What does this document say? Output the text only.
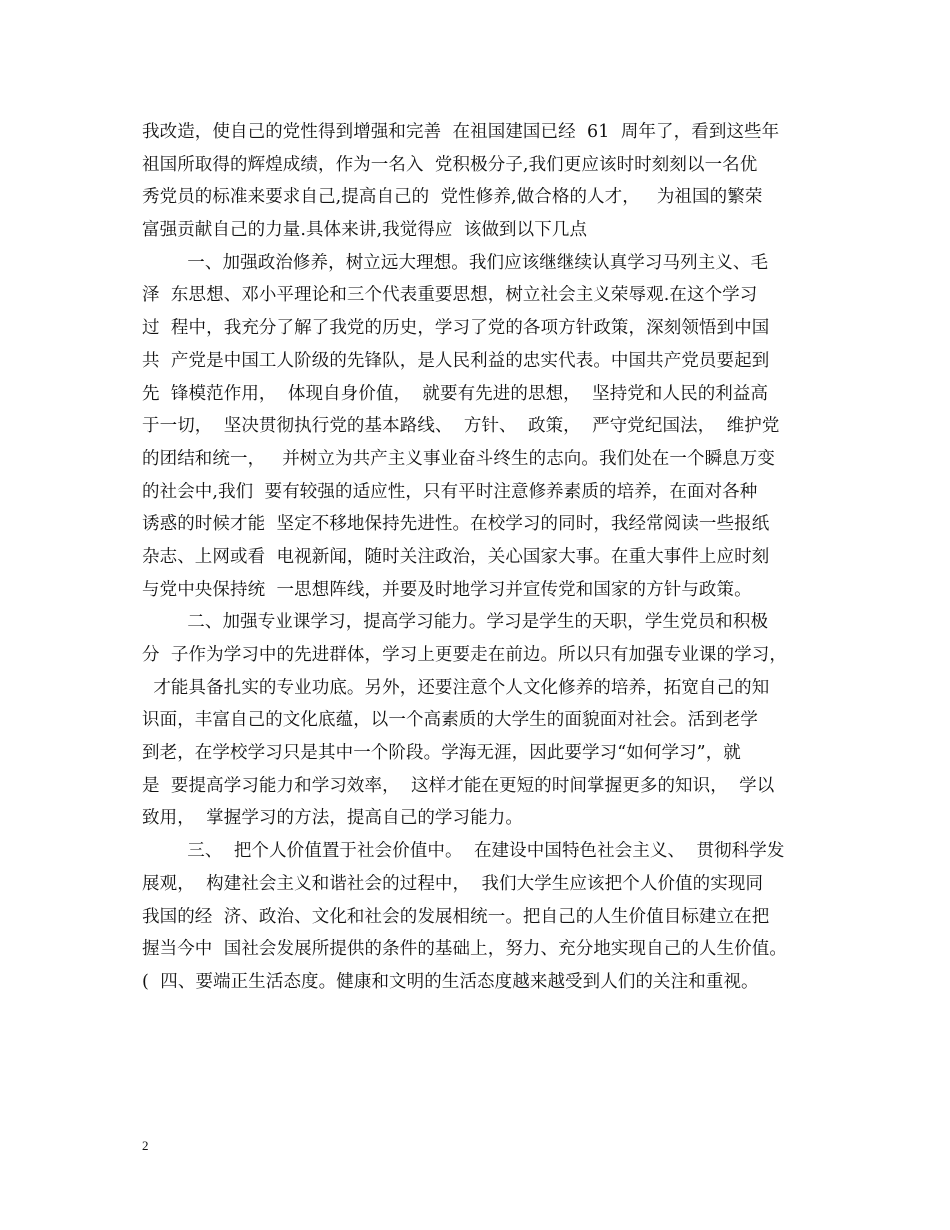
我改造，使自己的党性得到增强和完善  在祖国建国已经  61  周年了，看到这些年
祖国所取得的辉煌成绩，作为一名入  党积极分子,我们更应该时时刻刻以一名优
秀党员的标准来要求自己,提高自己的  党性修养,做合格的人才，   为祖国的繁荣
富强贡献自己的力量.具体来讲,我觉得应  该做到以下几点
一、加强政治修养，树立远大理想。我们应该继继续认真学习马列主义、毛
泽  东思想、邓小平理论和三个代表重要思想，树立社会主义荣辱观.在这个学习
过  程中，我充分了解了我党的历史，学习了党的各项方针政策，深刻领悟到中国
共  产党是中国工人阶级的先锋队，是人民利益的忠实代表。中国共产党员要起到
先  锋模范作用，  体现自身价值，  就要有先进的思想，  坚持党和人民的利益高
于一切，  坚决贯彻执行党的基本路线、  方针、  政策，  严守党纪国法，  维护党
的团结和统一，   并树立为共产主义事业奋斗终生的志向。我们处在一个瞬息万变
的社会中,我们  要有较强的适应性，只有平时注意修养素质的培养，在面对各种
诱惑的时候才能  坚定不移地保持先进性。在校学习的同时，我经常阅读一些报纸
杂志、上网或看  电视新闻，随时关注政治，关心国家大事。在重大事件上应时刻
与党中央保持统  一思想阵线，并要及时地学习并宣传党和国家的方针与政策。
二、加强专业课学习，提高学习能力。学习是学生的天职，学生党员和积极
分  子作为学习中的先进群体，学习上更要走在前边。所以只有加强专业课的学习，
才能具备扎实的专业功底。另外，还要注意个人文化修养的培养，拓宽自己的知
识面，丰富自己的文化底蕴，以一个高素质的大学生的面貌面对社会。活到老学
到老，在学校学习只是其中一个阶段。学海无涯，因此要学习“如何学习”，就
是  要提高学习能力和学习效率，  这样才能在更短的时间掌握更多的知识，  学以
致用，  掌握学习的方法，提高自己的学习能力。
三、  把个人价值置于社会价值中。  在建设中国特色社会主义、  贯彻科学发
展观，  构建社会主义和谐社会的过程中，  我们大学生应该把个人价值的实现同
我国的经  济、政治、文化和社会的发展相统一。把自己的人生价值目标建立在把
握当今中  国社会发展所提供的条件的基础上，努力、充分地实现自己的人生价值。
(  四、要端正生活态度。健康和文明的生活态度越来越受到人们的关注和重视。
2
